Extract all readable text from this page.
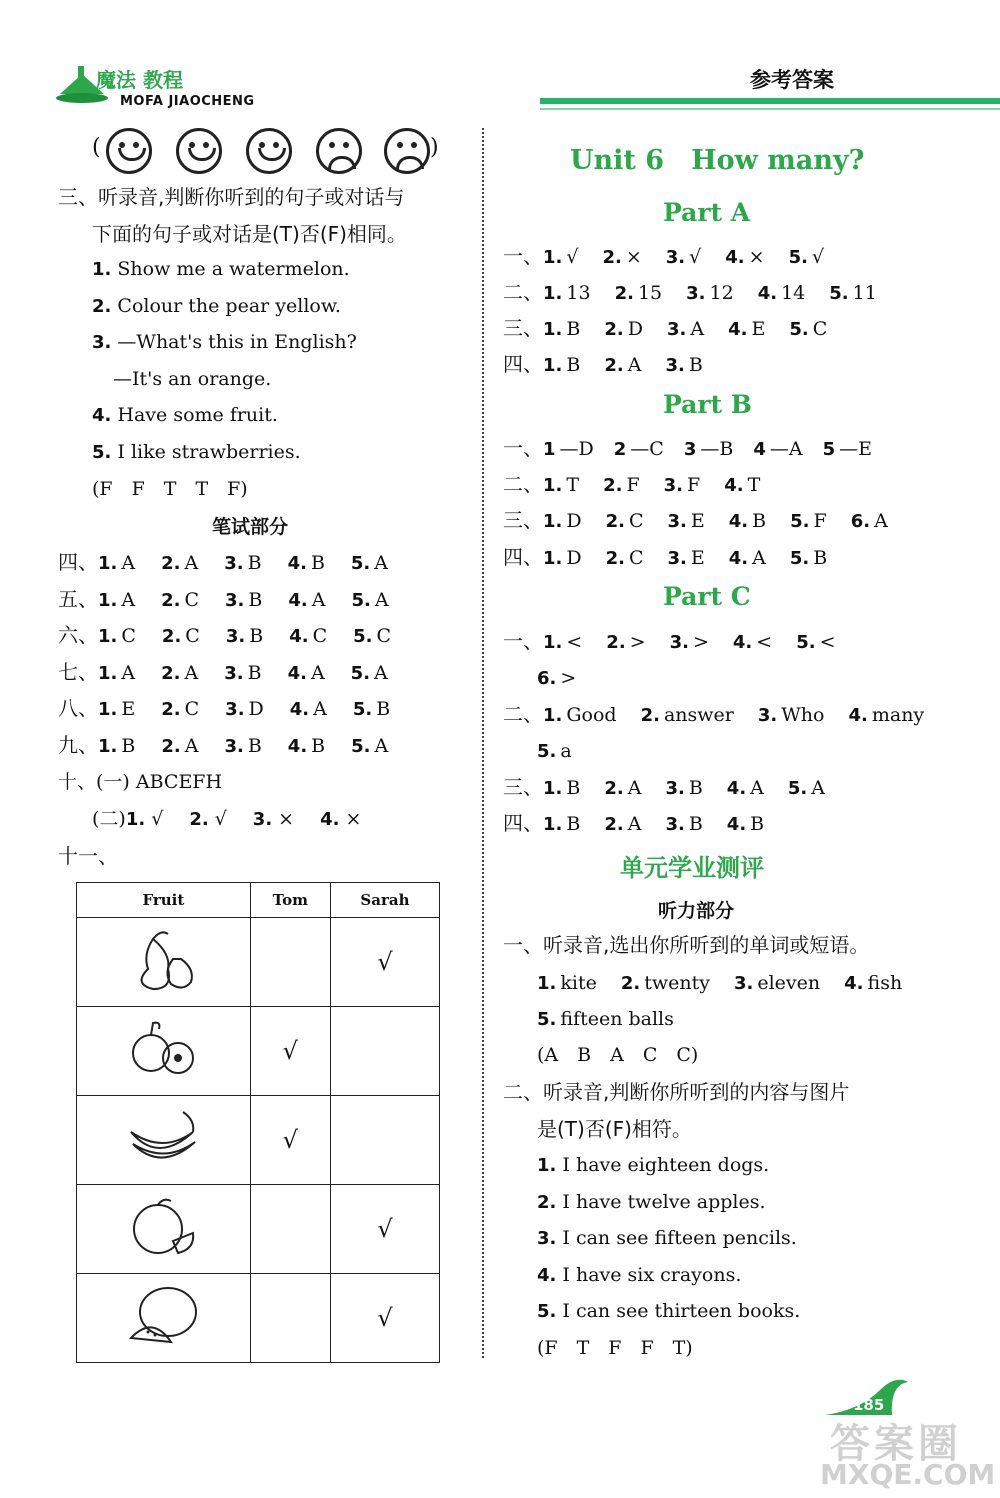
魔法 教程
MOFA JIAOCHENG
参考答案
(	)
三、听录音,判断你听到的句子或对话与
下面的句子或对话是(T)否(F)相同。
1. Show me a watermelon.
2. Colour the pear yellow.
3. —What's this in English?
—It's an orange.
4. Have some fruit.
5. I like strawberries.
(F　F　T　T　F)
笔试部分
四、1. A 2. A 3. B 4. B 5. A
五、1. A 2. C 3. B 4. A 5. A
六、1. C 2. C 3. B 4. C 5. C
七、1. A 2. A 3. B 4. A 5. A
八、1. E 2. C 3. D 4. A 5. B
九、1. B 2. A 3. B 4. B 5. A
十、(一) ABCEFH
(二)1. √ 2. √ 3. × 4. ×
十一、
Fruit	Tom	Sarah

		√

	√	

	√	

		√

		√
Unit 6　How many?
Part A
Part B
Part C
一、1. √ 2. × 3. √ 4. × 5. √
二、1. 13 2. 15 3. 12 4. 14 5. 11
三、1. B 2. D 3. A 4. E 5. C
四、1. B 2. A 3. B
一、1 —D 2 —C 3 —B 4 —A 5 —E
二、1. T 2. F 3. F 4. T
三、1. D 2. C 3. E 4. B 5. F 6. A
四、1. D 2. C 3. E 4. A 5. B
一、1. < 2. > 3. > 4. < 5. <
6. >
二、1. Good 2. answer 3. Who 4. many
5. a
三、1. B 2. A 3. B 4. A 5. A
四、1. B 2. A 3. B 4. B
1. kite 2. twenty 3. eleven 4. fish
5. fifteen balls
单元学业测评
听力部分
一、听录音,选出你所听到的单词或短语。
(A　B　A　C　C)
二、听录音,判断你所听到的内容与图片
是(T)否(F)相符。
1. I have eighteen dogs.
2. I have twelve apples.
3. I can see fifteen pencils.
4. I have six crayons.
5. I can see thirteen books.
(F　T　F　F　T)
185
答案圈
MXQE.COM
